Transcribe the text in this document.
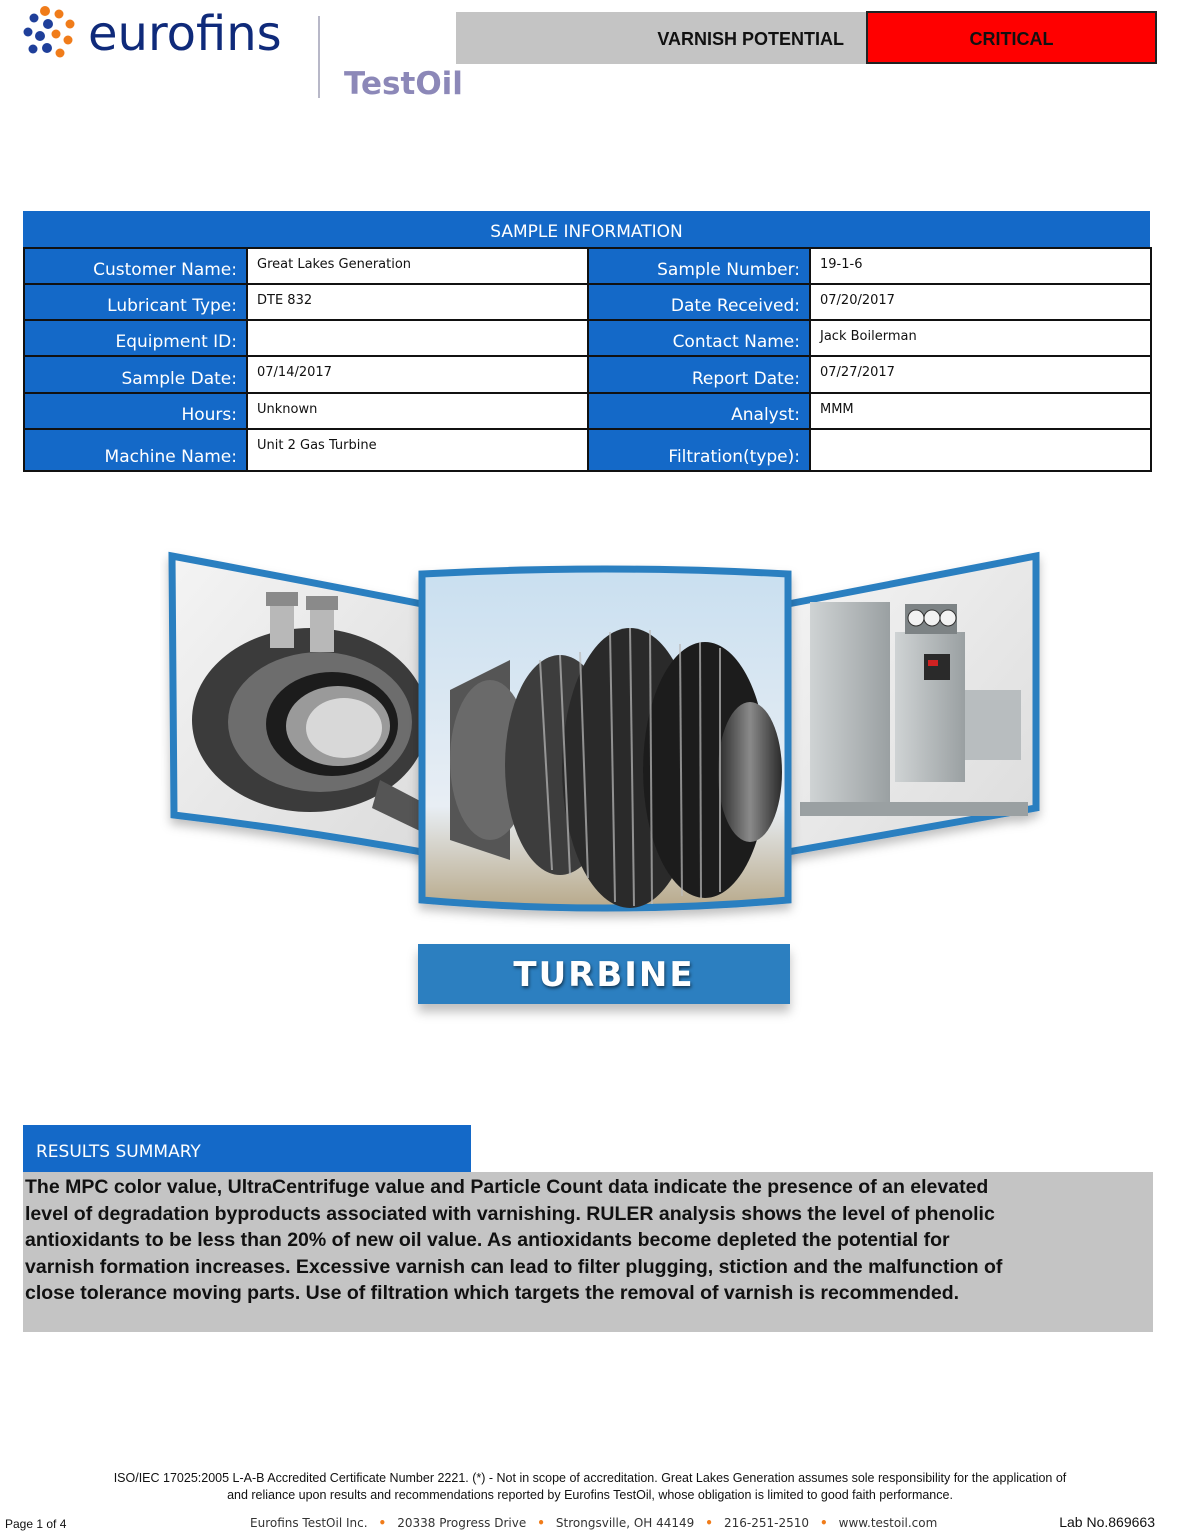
eurofins
TestOil
VARNISH POTENTIAL	CRITICAL
SAMPLE INFORMATION
Customer Name:	Great Lakes Generation	Sample Number:	19-1-6
Lubricant Type:	DTE 832	Date Received:	07/20/2017
Equipment ID:		Contact Name:	Jack Boilerman
Sample Date:	07/14/2017	Report Date:	07/27/2017
Hours:	Unknown	Analyst:	MMM
Machine Name:	Unit 2 Gas Turbine	Filtration(type):	
TURBINE
RESULTS SUMMARY
The MPC color value, UltraCentrifuge value and Particle Count data indicate the presence of an elevated
level of degradation byproducts associated with varnishing. RULER analysis shows the level of phenolic
antioxidants to be less than 20% of new oil value. As antioxidants become depleted the potential for
varnish formation increases. Excessive varnish can lead to filter plugging, stiction and the malfunction of
close tolerance moving parts. Use of filtration which targets the removal of varnish is recommended.
ISO/IEC 17025:2005 L-A-B Accredited Certificate Number 2221. (*) - Not in scope of accreditation. Great Lakes Generation assumes sole responsibility for the application of
and reliance upon results and recommendations reported by Eurofins TestOil, whose obligation is limited to good faith performance.
Page 1 of 4	Eurofins TestOil Inc. • 20338 Progress Drive • Strongsville, OH 44149 • 216-251-2510 • www.testoil.com	Lab No.869663
